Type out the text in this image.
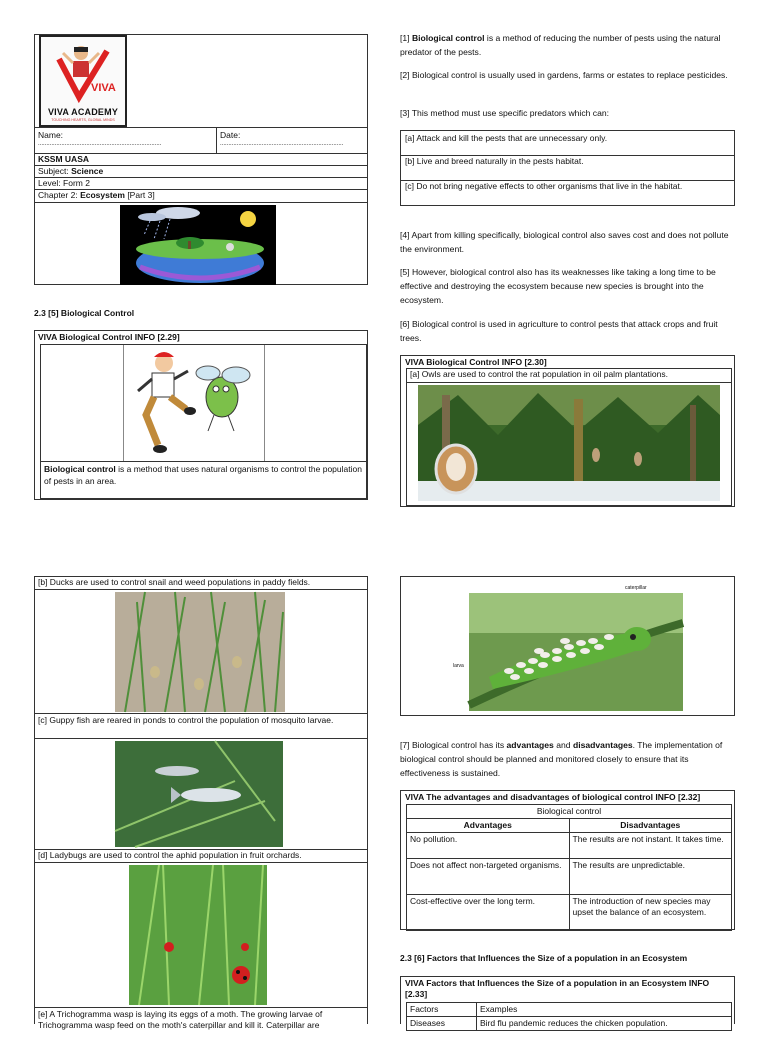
VIVA
VIVA ACADEMY
TOUCHING HEARTS, GLOBAL MINDS
Name:
..........................................................................
Date:
..........................................................................
KSSM UASA
Subject: Science
Level: Form 2
Chapter 2: Ecosystem [Part 3]
2.3 [5] Biological Control
VIVA Biological Control INFO [2.29]
Biological control is a method that uses natural organisms to control the population of pests in an area.

[1] Biological control is a method of reducing the number of pests using the natural predator of the pests.

[2] Biological control is usually used in gardens, farms or estates to replace pesticides.

[3] This method must use specific predators which can:

[a] Attack and kill the pests that are unnecessary only.
[b] Live and breed naturally in the pests habitat.
[c] Do not bring negative effects to other organisms that live in the habitat.

[4] Apart from killing specifically, biological control also saves cost and does not pollute the environment.

[5] However, biological control also has its weaknesses like taking a long time to be effective and destroying the ecosystem because new species is brought into the ecosystem.

[6] Biological control is used in agriculture to control pests that attack crops and fruit trees.

VIVA Biological Control INFO [2.30]
[a] Owls are used to control the rat population in oil palm plantations.
[b] Ducks are used to control snail and weed populations in paddy fields.
[c] Guppy fish are reared in ponds to control the population of mosquito larvae.
[d] Ladybugs are used to control the aphid population in fruit orchards.
[e] A Trichogramma wasp is laying its eggs of a moth. The growing larvae of Trichogramma wasp feed on the moth's caterpillar and kill it. Caterpillar are
caterpillar
larva

[7] Biological control has its advantages and disadvantages. The implementation of biological control should be planned and monitored closely to ensure that its effectiveness is sustained.

VIVA The advantages and disadvantages of biological control INFO [2.32]
Biological control	
Advantages	Disadvantages
No pollution.	The results are not instant. It takes time.
Does not affect non-targeted organisms.	The results are unpredictable.
Cost-effective over the long term.	The introduction of new species may upset the balance of an ecosystem.
2.3 [6] Factors that Influences the Size of a population in an Ecosystem
VIVA Factors that Influences the Size of a population in an Ecosystem INFO [2.33]
Factors	Examples
Diseases	Bird flu pandemic reduces the chicken population.
